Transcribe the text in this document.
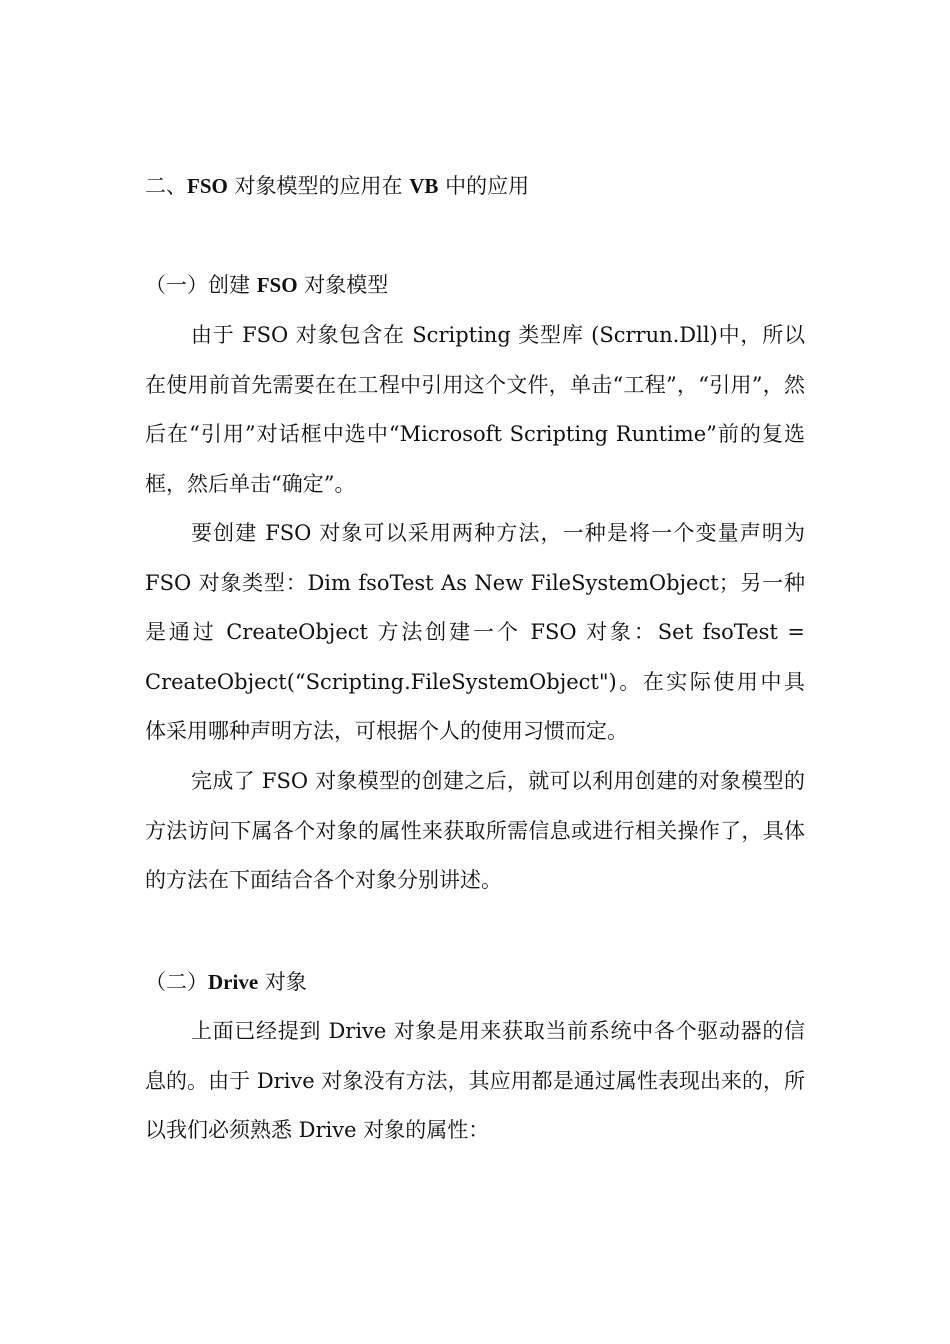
二、FSO 对象模型的应用在 VB 中的应用
（一）创建 FSO 对象模型

由于 FSO 对象包含在 Scripting 类型库 (Scrrun.Dll)中，所以在使用前首先需要在在工程中引用这个文件，单击“工程”，“引用”，然后在“引用”对话框中选中“Microsoft Scripting Runtime”前的复选框，然后单击“确定”。

要创建 FSO 对象可以采用两种方法，一种是将一个变量声明为 FSO 对象类型：Dim fsoTest As New FileSystemObject；另一种是通过 CreateObject 方法创建一个 FSO 对象：Set fsoTest = CreateObject(“Scripting.FileSystemObject")。在实际使用中具体采用哪种声明方法，可根据个人的使用习惯而定。

完成了 FSO 对象模型的创建之后，就可以利用创建的对象模型的方法访问下属各个对象的属性来获取所需信息或进行相关操作了，具体的方法在下面结合各个对象分别讲述。

（二）Drive 对象

上面已经提到 Drive 对象是用来获取当前系统中各个驱动器的信息的。由于 Drive 对象没有方法，其应用都是通过属性表现出来的，所以我们必须熟悉 Drive 对象的属性：
